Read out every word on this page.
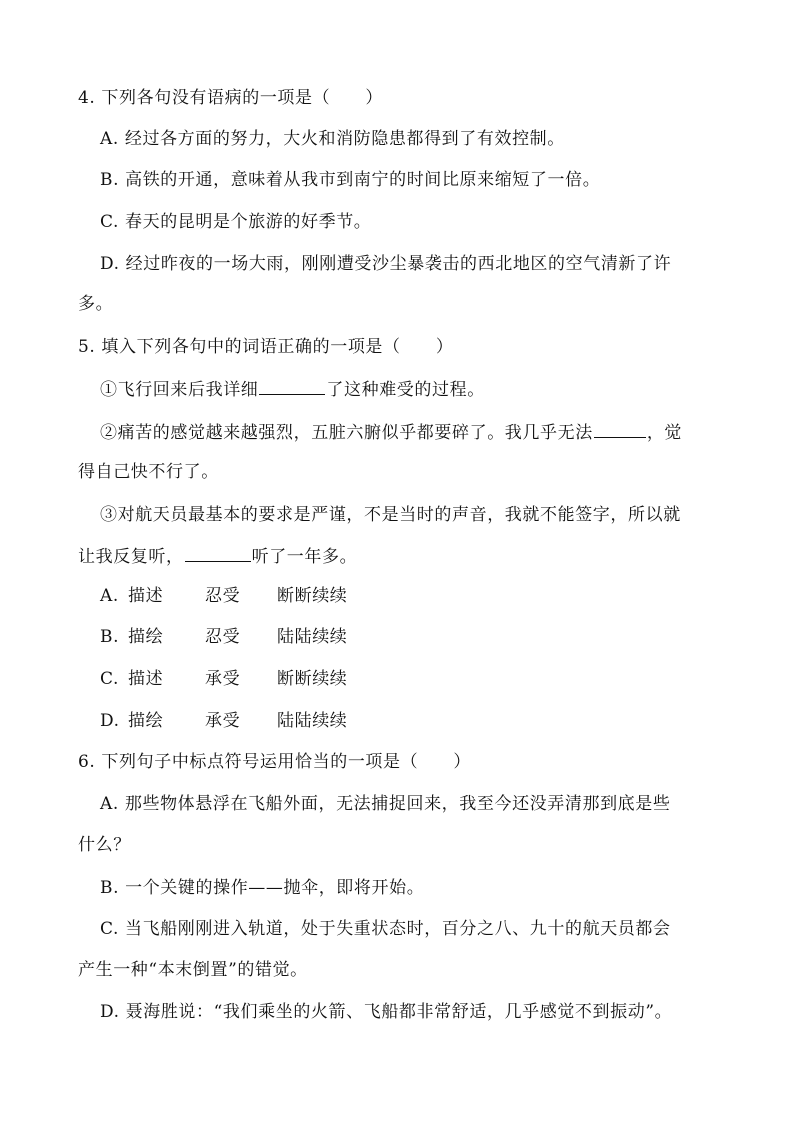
4. 下列各句没有语病的一项是（　　）
A. 经过各方面的努力，大火和消防隐患都得到了有效控制。
B. 高铁的开通，意味着从我市到南宁的时间比原来缩短了一倍。
C. 春天的昆明是个旅游的好季节。
D. 经过昨夜的一场大雨，刚刚遭受沙尘暴袭击的西北地区的空气清新了许
多。
5. 填入下列各句中的词语正确的一项是（　　）
①飞行回来后我详细	了这种难受的过程。
②痛苦的感觉越来越强烈，五脏六腑似乎都要碎了。我几乎无法	，觉
得自己快不行了。
③对航天员最基本的要求是严谨，不是当时的声音，我就不能签字，所以就
让我反复听，	听了一年多。
A. 描述 忍受 断断续续
B. 描绘 忍受 陆陆续续
C. 描述 承受 断断续续
D. 描绘 承受 陆陆续续
6. 下列句子中标点符号运用恰当的一项是（　　）
A. 那些物体悬浮在飞船外面，无法捕捉回来，我至今还没弄清那到底是些
什么？
B. 一个关键的操作——抛伞，即将开始。
C. 当飞船刚刚进入轨道，处于失重状态时，百分之八、九十的航天员都会
产生一种“本末倒置”的错觉。
D. 聂海胜说：“我们乘坐的火箭、飞船都非常舒适，几乎感觉不到振动”。
